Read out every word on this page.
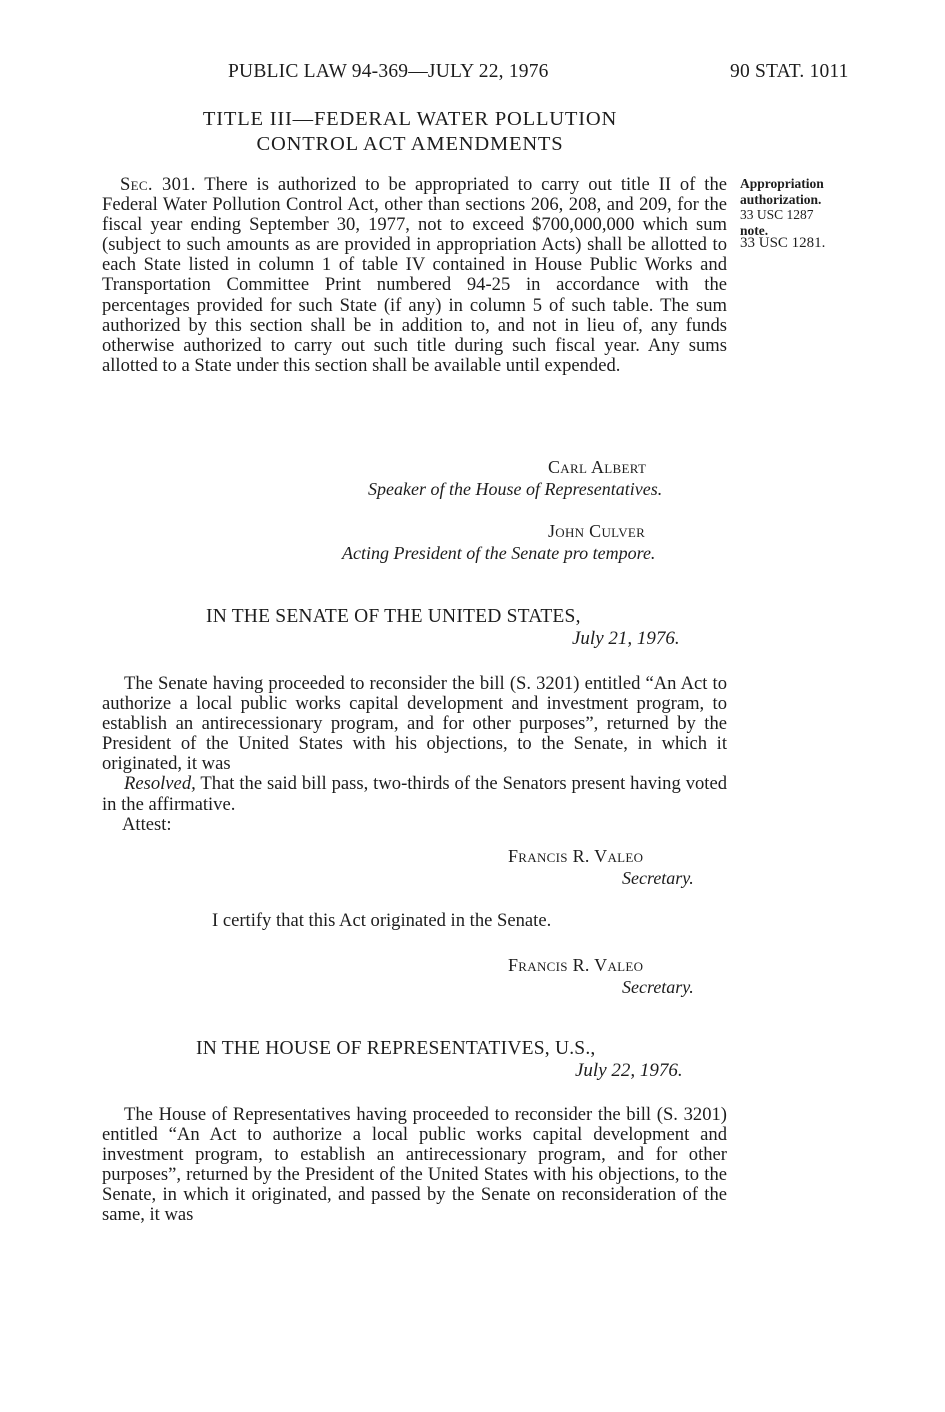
PUBLIC LAW 94-369—JULY 22, 1976	90 STAT. 1011
TITLE III—FEDERAL WATER POLLUTION
CONTROL ACT AMENDMENTS

Sec. 301. There is authorized to be appropriated to carry out title II of the Federal Water Pollution Control Act, other than sections 206, 208, and 209, for the fiscal year ending September 30, 1977, not to exceed $700,000,000 which sum (subject to such amounts as are provided in appropriation Acts) shall be allotted to each State listed in column 1 of table IV contained in House Public Works and Transportation Committee Print numbered 94-25 in accordance with the percentages provided for such State (if any) in column 5 of such table. The sum authorized by this section shall be in addition to, and not in lieu of, any funds otherwise authorized to carry out such title during such fiscal year. Any sums allotted to a State under this section shall be available until expended.

Appropriation
authorization.
33 USC 1287
note.
33 USC 1281.
Carl Albert
Speaker of the House of Representatives.
John Culver
Acting President of the Senate pro tempore.
IN THE SENATE OF THE UNITED STATES,
July 21, 1976.
The Senate having proceeded to reconsider the bill (S. 3201) entitled “An Act to authorize a local public works capital development and investment program, to establish an antirecessionary program, and for other purposes”, returned by the President of the United States with his objections, to the Senate, in which it originated, it was
Resolved, That the said bill pass, two-thirds of the Senators present having voted in the affirmative.
Attest:
Francis R. Valeo
Secretary.
I certify that this Act originated in the Senate.
Francis R. Valeo
Secretary.
IN THE HOUSE OF REPRESENTATIVES, U.S.,
July 22, 1976.
The House of Representatives having proceeded to reconsider the bill (S. 3201) entitled “An Act to authorize a local public works capital development and investment program, to establish an antirecessionary program, and for other purposes”, returned by the President of the United States with his objections, to the Senate, in which it originated, and passed by the Senate on reconsideration of the same, it was
